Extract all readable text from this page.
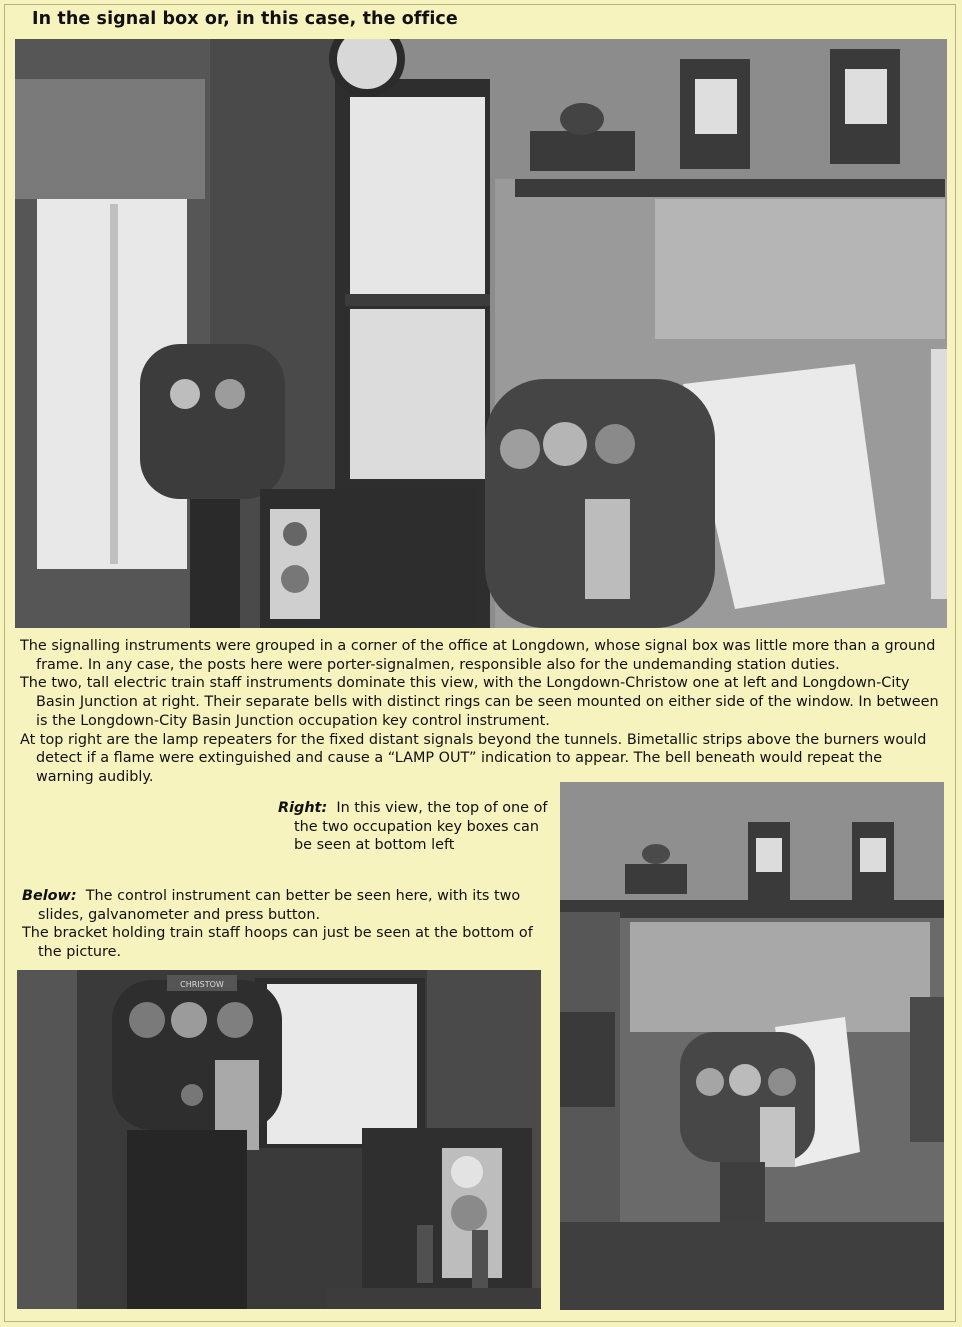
In the signal box or, in this case, the office

The signalling instruments were grouped in a corner of the office at Longdown, whose signal box was little more than a ground frame. In any case, the posts here were porter-signalmen, responsible also for the undemanding station duties.

The two, tall electric train staff instruments dominate this view, with the Longdown-Christow one at left and Longdown-City Basin Junction at right. Their separate bells with distinct rings can be seen mounted on either side of the window. In between is the Longdown-City Basin Junction occupation key control instrument.

At top right are the lamp repeaters for the fixed distant signals beyond the tunnels. Bimetallic strips above the burners would detect if a flame were extinguished and cause a “LAMP OUT” indication to appear. The bell beneath would repeat the warning audibly.

Right: In this view, the top of one of the two occupation key boxes can be seen at bottom left

Below: The control instrument can better be seen here, with its two slides, galvanometer and press button.

The bracket holding train staff hoops can just be seen at the bottom of the picture.

CHRISTOW
